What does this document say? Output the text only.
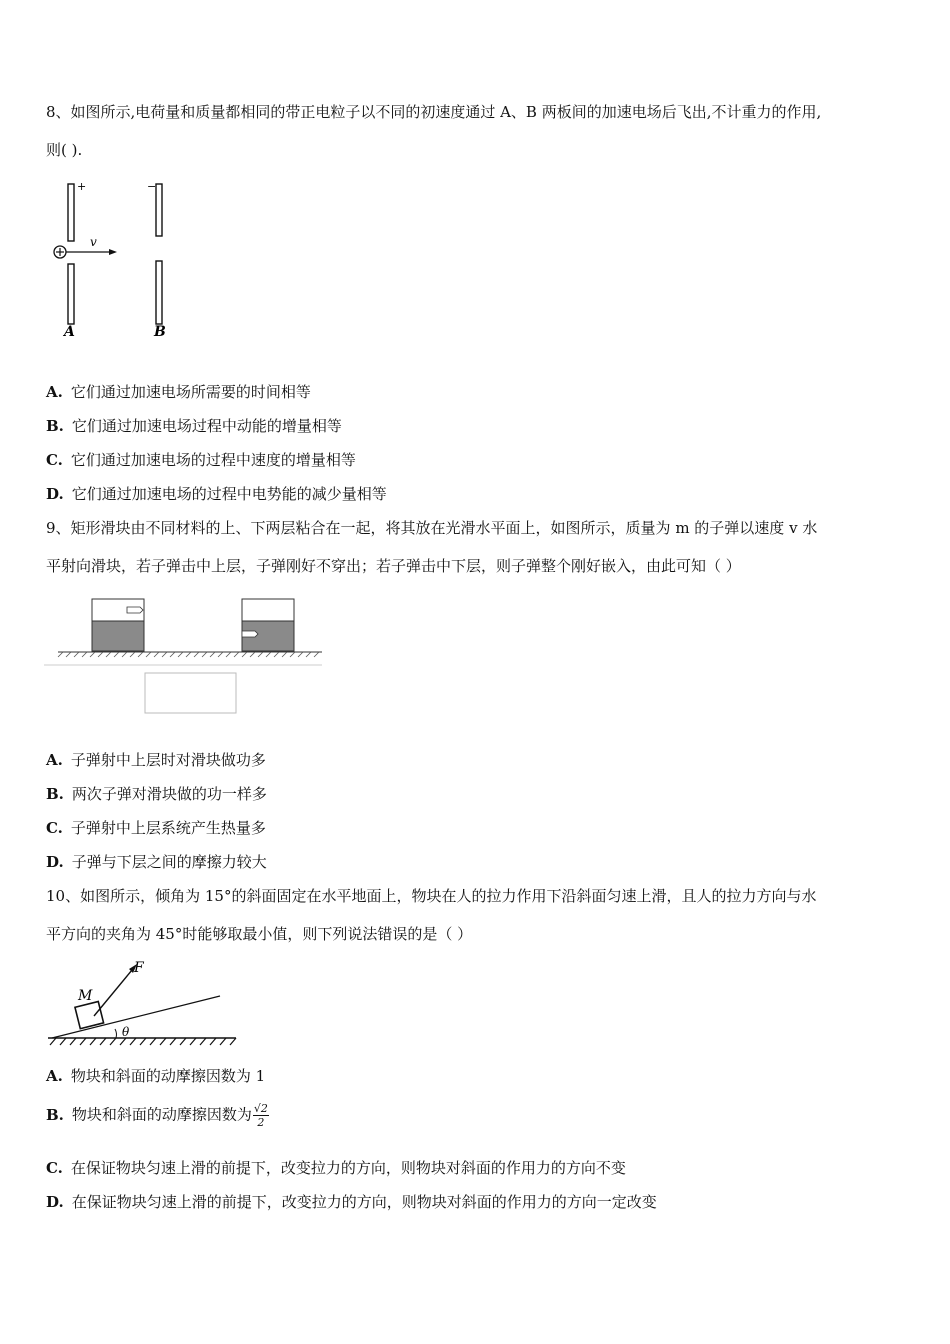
8、如图所示,电荷量和质量都相同的带正电粒子以不同的初速度通过 A、B 两板间的加速电场后飞出,不计重力的作用,
则( ).
v
+	−
A	B
A. 它们通过加速电场所需要的时间相等
B. 它们通过加速电场过程中动能的增量相等
C. 它们通过加速电场的过程中速度的增量相等
D. 它们通过加速电场的过程中电势能的减少量相等
9、矩形滑块由不同材料的上、下两层粘合在一起，将其放在光滑水平面上，如图所示，质量为 m 的子弹以速度 v 水
平射向滑块，若子弹击中上层，子弹刚好不穿出；若子弹击中下层，则子弹整个刚好嵌入，由此可知（ ）
A. 子弹射中上层时对滑块做功多
B. 两次子弹对滑块做的功一样多
C. 子弹射中上层系统产生热量多
D. 子弹与下层之间的摩擦力较大
10、如图所示，倾角为 15°的斜面固定在水平地面上，物块在人的拉力作用下沿斜面匀速上滑，且人的拉力方向与水
平方向的夹角为 45°时能够取最小值，则下列说法错误的是（ ）
F
M
θ
A. 物块和斜面的动摩擦因数为 1
B. 物块和斜面的动摩擦因数为 $\frac{√2}{2}$
C. 在保证物块匀速上滑的前提下，改变拉力的方向，则物块对斜面的作用力的方向不变
D. 在保证物块匀速上滑的前提下，改变拉力的方向，则物块对斜面的作用力的方向一定改变
